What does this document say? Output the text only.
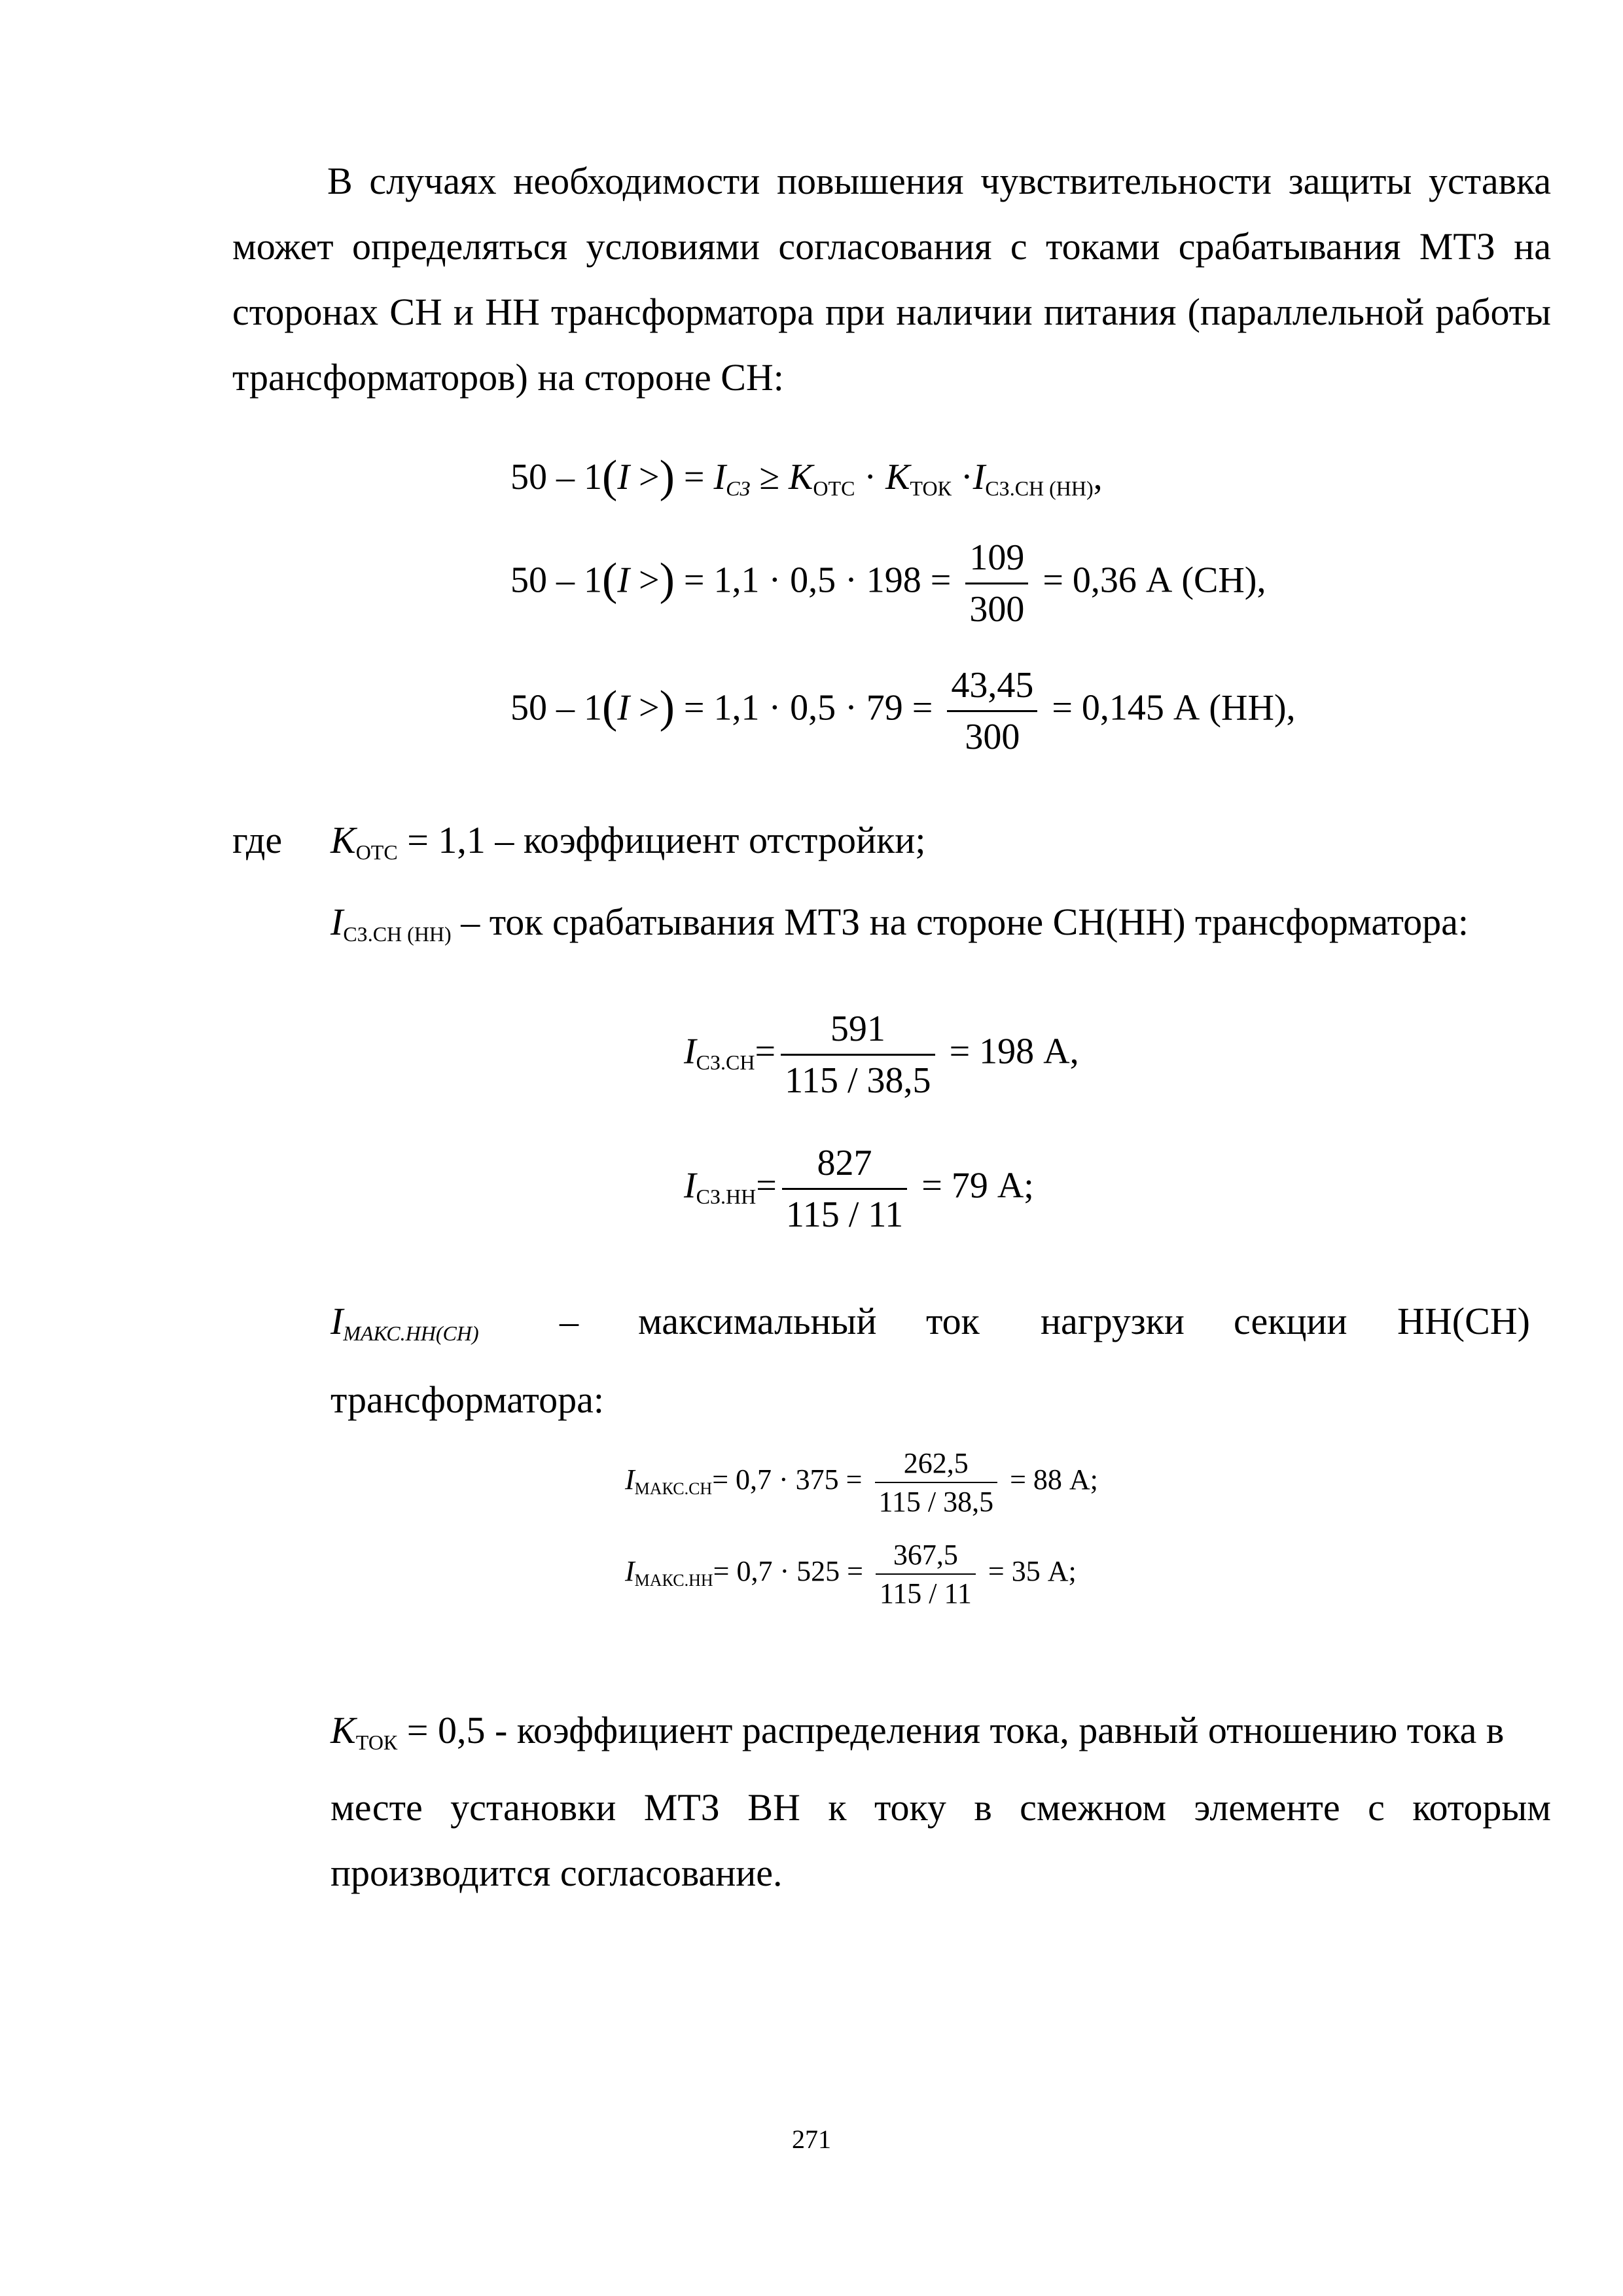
В случаях необходимости повышения чувствительности защиты уставка
может определяться условиями согласования с токами срабатывания МТЗ на
сторонах СН и НН трансформатора при наличии питания (параллельной работы
трансформаторов) на стороне СН:
50 – 1(I >) = IСЗ ≥ KОТС · KТОК ·IСЗ.СН (НН),
50 – 1(I >) = $1,1 \cdot 0,5 \cdot 198 = \frac{109}{300} = 0,36$ А (СН),
50 – 1(I >) = $1,1 \cdot 0,5 \cdot 79 = \frac{43,45}{300} = 0,145$ А (НН),
где KОТС = 1,1 – коэффициент отстройки;
IСЗ.СН (НН) – ток срабатывания МТЗ на стороне СН(НН) трансформатора:
$IСЗ.СН= \frac{591}{115 / 38,5} = 198$ А,
$IСЗ.НН= \frac{827}{115 / 11} = 79$ А;
IМАКС.НН(СН) – максимальный ток нагрузки секции НН(СН)
трансформатора:
IМАКС.СН= $0,7 \cdot 375 = \frac{262,5}{115 / 38,5} = 88$ А;
IМАКС.НН= $0,7 \cdot 525 = \frac{367,5}{115 / 11} = 35$ А;
KТОК = 0,5 - коэффициент распределения тока, равный отношению тока в
месте установки МТЗ ВН к току в смежном элементе с которым
производится согласование.
271
